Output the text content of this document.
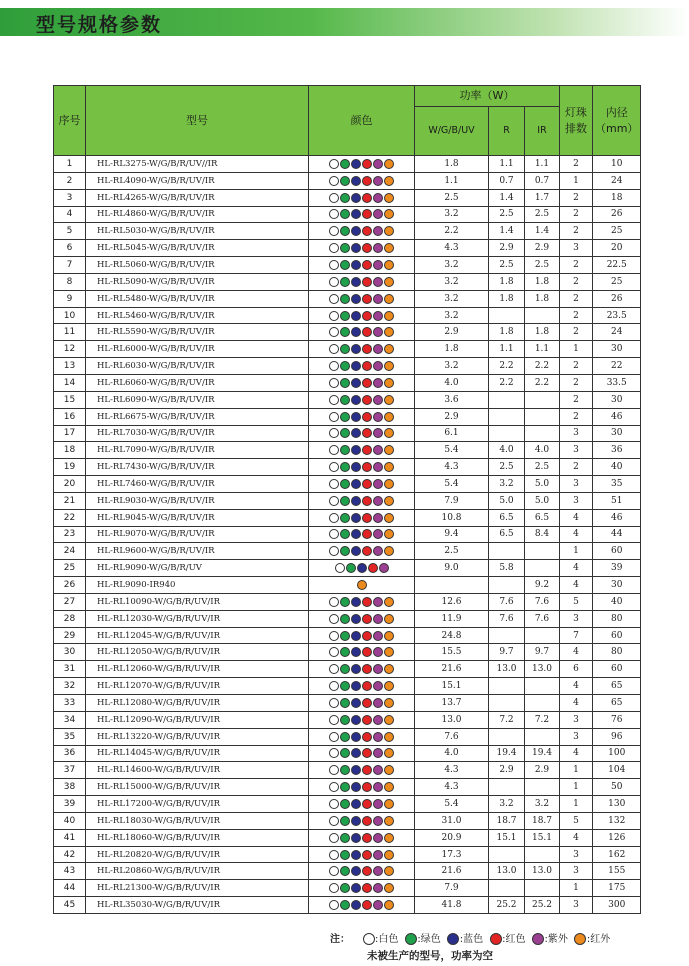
型号规格参数
序号	型号	颜色	功率（W）			灯珠排数	内径（mm）
			W/G/B/UV	R	IR		
1	HL-RL3275-W/G/B/R/UV//IR		1.8	1.1	1.1	2	10
2	HL-RL4090-W/G/B/R/UV/IR		1.1	0.7	0.7	1	24
3	HL-RL4265-W/G/B/R/UV/IR		2.5	1.4	1.7	2	18
4	HL-RL4860-W/G/B/R/UV/IR		3.2	2.5	2.5	2	26
5	HL-RL5030-W/G/B/R/UV/IR		2.2	1.4	1.4	2	25
6	HL-RL5045-W/G/B/R/UV/IR		4.3	2.9	2.9	3	20
7	HL-RL5060-W/G/B/R/UV/IR		3.2	2.5	2.5	2	22.5
8	HL-RL5090-W/G/B/R/UV/IR		3.2	1.8	1.8	2	25
9	HL-RL5480-W/G/B/R/UV/IR		3.2	1.8	1.8	2	26
10	HL-RL5460-W/G/B/R/UV/IR		3.2			2	23.5
11	HL-RL5590-W/G/B/R/UV/IR		2.9	1.8	1.8	2	24
12	HL-RL6000-W/G/B/R/UV/IR		1.8	1.1	1.1	1	30
13	HL-RL6030-W/G/B/R/UV/IR		3.2	2.2	2.2	2	22
14	HL-RL6060-W/G/B/R/UV/IR		4.0	2.2	2.2	2	33.5
15	HL-RL6090-W/G/B/R/UV/IR		3.6			2	30
16	HL-RL6675-W/G/B/R/UV/IR		2.9			2	46
17	HL-RL7030-W/G/B/R/UV/IR		6.1			3	30
18	HL-RL7090-W/G/B/R/UV/IR		5.4	4.0	4.0	3	36
19	HL-RL7430-W/G/B/R/UV/IR		4.3	2.5	2.5	2	40
20	HL-RL7460-W/G/B/R/UV/IR		5.4	3.2	5.0	3	35
21	HL-RL9030-W/G/B/R/UV/IR		7.9	5.0	5.0	3	51
22	HL-RL9045-W/G/B/R/UV/IR		10.8	6.5	6.5	4	46
23	HL-RL9070-W/G/B/R/UV/IR		9.4	6.5	8.4	4	44
24	HL-RL9600-W/G/B/R/UV/IR		2.5			1	60
25	HL-RL9090-W/G/B/R/UV		9.0	5.8		4	39
26	HL-RL9090-IR940				9.2	4	30
27	HL-RL10090-W/G/B/R/UV/IR		12.6	7.6	7.6	5	40
28	HL-RL12030-W/G/B/R/UV/IR		11.9	7.6	7.6	3	80
29	HL-RL12045-W/G/B/R/UV/IR		24.8			7	60
30	HL-RL12050-W/G/B/R/UV/IR		15.5	9.7	9.7	4	80
31	HL-RL12060-W/G/B/R/UV/IR		21.6	13.0	13.0	6	60
32	HL-RL12070-W/G/B/R/UV/IR		15.1			4	65
33	HL-RL12080-W/G/B/R/UV/IR		13.7			4	65
34	HL-RL12090-W/G/B/R/UV/IR		13.0	7.2	7.2	3	76
35	HL-RL13220-W/G/B/R/UV/IR		7.6			3	96
36	HL-RL14045-W/G/B/R/UV/IR		4.0	19.4	19.4	4	100
37	HL-RL14600-W/G/B/R/UV/IR		4.3	2.9	2.9	1	104
38	HL-RL15000-W/G/B/R/UV/IR		4.3			1	50
39	HL-RL17200-W/G/B/R/UV/IR		5.4	3.2	3.2	1	130
40	HL-RL18030-W/G/B/R/UV/IR		31.0	18.7	18.7	5	132
41	HL-RL18060-W/G/B/R/UV/IR		20.9	15.1	15.1	4	126
42	HL-RL20820-W/G/B/R/UV/IR		17.3			3	162
43	HL-RL20860-W/G/B/R/UV/IR		21.6	13.0	13.0	3	155
44	HL-RL21300-W/G/B/R/UV/IR		7.9			1	175
45	HL-RL35030-W/G/B/R/UV/IR		41.8	25.2	25.2	3	300
注：	:白色 :绿色 :蓝色 :红色 :紫外 :红外
未被生产的型号，功率为空
